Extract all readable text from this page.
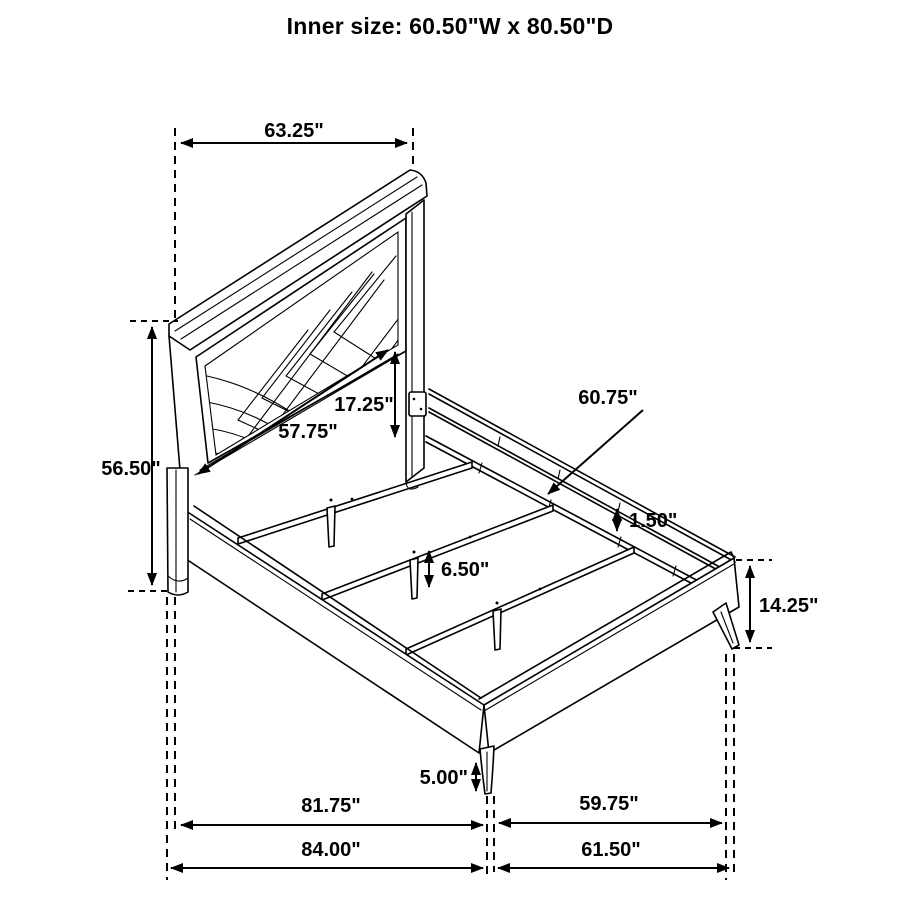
Inner size: 60.50"W x 80.50"D
63.25"
56.50"
17.25"
57.75"
60.75"
1.50"
6.50"
14.25"
5.00"
81.75"	59.75"
84.00"	61.50"
